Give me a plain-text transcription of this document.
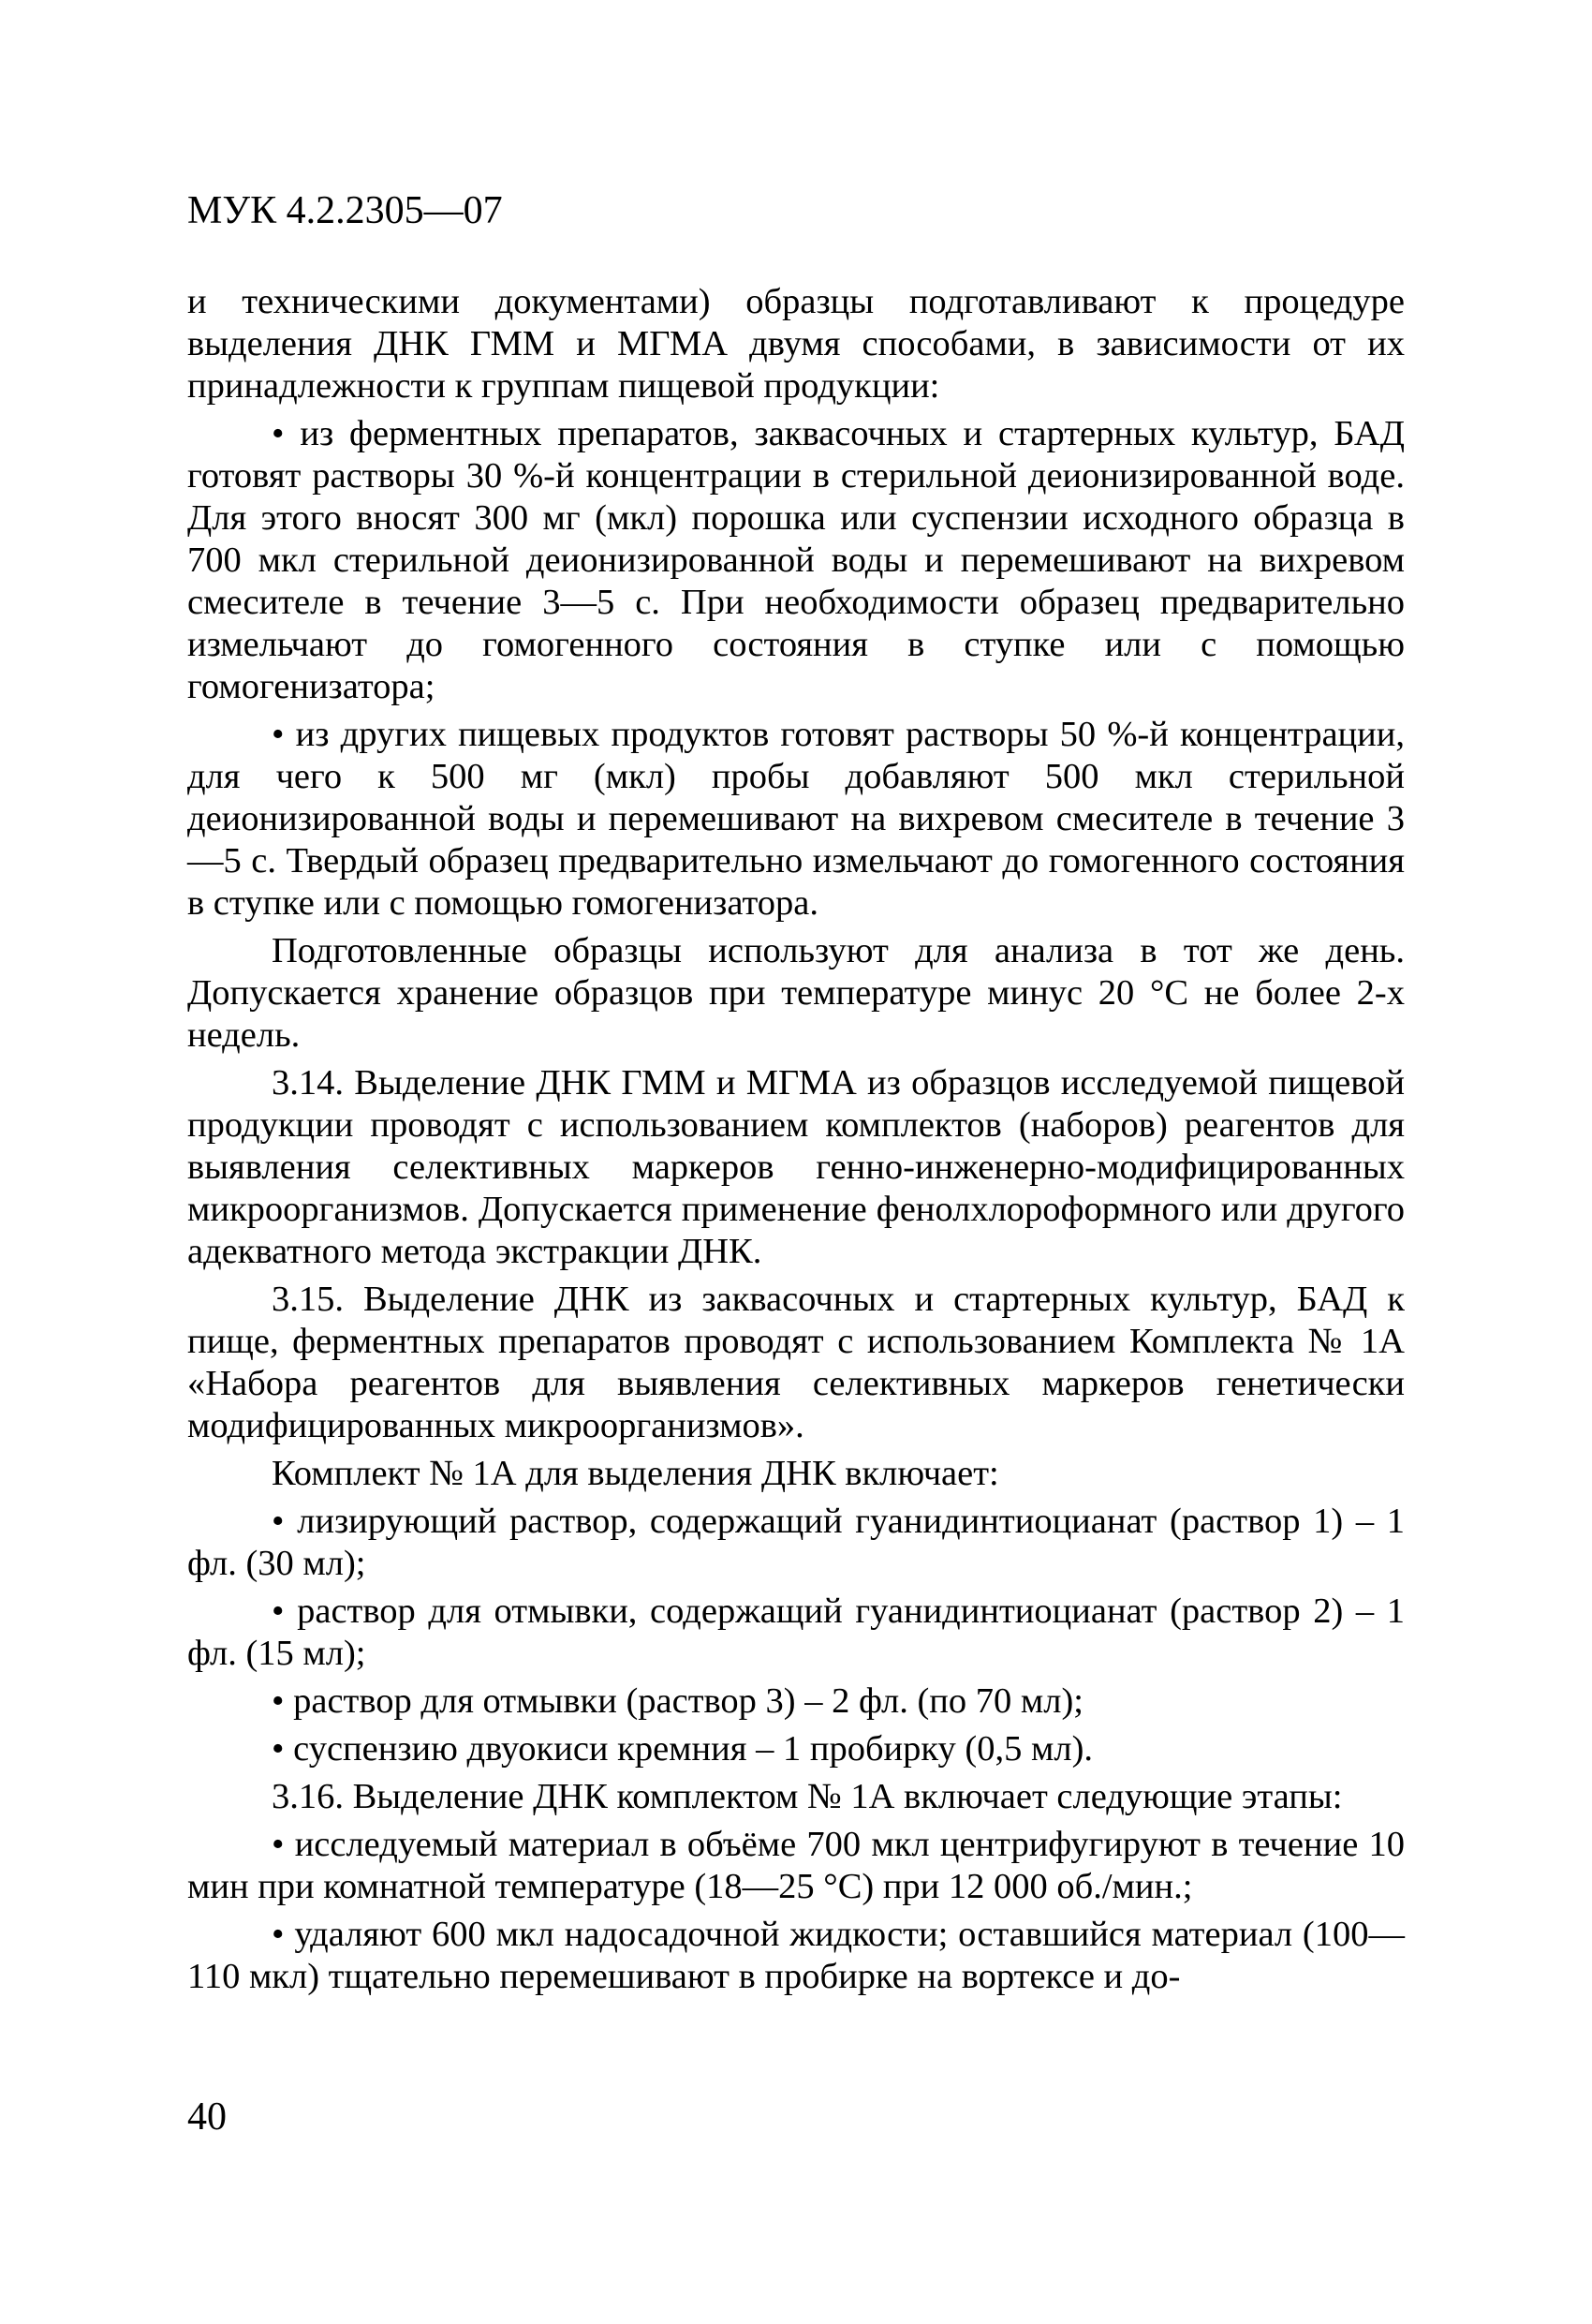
МУК 4.2.2305—07

и техническими документами) образцы подготавливают к процедуре выделения ДНК ГММ и МГМА двумя способами, в зависимости от их принадлежности к группам пищевой продукции:

• из ферментных препаратов, заквасочных и стартерных культур, БАД готовят растворы 30 %-й концентрации в стерильной деионизированной воде. Для этого вносят 300 мг (мкл) порошка или суспензии исходного образца в 700 мкл стерильной деионизированной воды и перемешивают на вихревом смесителе в течение 3—5 с. При необходимости образец предварительно измельчают до гомогенного состояния в ступке или с помощью гомогенизатора;

• из других пищевых продуктов готовят растворы 50 %-й концентрации, для чего к 500 мг (мкл) пробы добавляют 500 мкл стерильной деионизированной воды и перемешивают на вихревом смесителе в течение 3—5 с. Твердый образец предварительно измельчают до гомогенного состояния в ступке или с помощью гомогенизатора.

Подготовленные образцы используют для анализа в тот же день. Допускается хранение образцов при температуре минус 20 °С не более 2-х недель.

3.14. Выделение ДНК ГММ и МГМА из образцов исследуемой пищевой продукции проводят с использованием комплектов (наборов) реагентов для выявления селективных маркеров генно-инженерно-модифицированных микроорганизмов. Допускается применение фенолхлороформного или другого адекватного метода экстракции ДНК.

3.15. Выделение ДНК из заквасочных и стартерных культур, БАД к пище, ферментных препаратов проводят с использованием Комплекта № 1А «Набора реагентов для выявления селективных маркеров генетически модифицированных микроорганизмов».

Комплект № 1А для выделения ДНК включает:

• лизирующий раствор, содержащий гуанидинтиоцианат (раствор 1) – 1 фл. (30 мл);

• раствор для отмывки, содержащий гуанидинтиоцианат (раствор 2) – 1 фл. (15 мл);

• раствор для отмывки (раствор 3) – 2 фл. (по 70 мл);

• суспензию двуокиси кремния – 1 пробирку (0,5 мл).

3.16. Выделение ДНК комплектом № 1А включает следующие этапы:

• исследуемый материал в объёме 700 мкл центрифугируют в течение 10 мин при комнатной температуре (18—25 °С) при 12 000 об./мин.;

• удаляют 600 мкл надосадочной жидкости; оставшийся материал (100—110 мкл) тщательно перемешивают в пробирке на вортексе и до-

40
